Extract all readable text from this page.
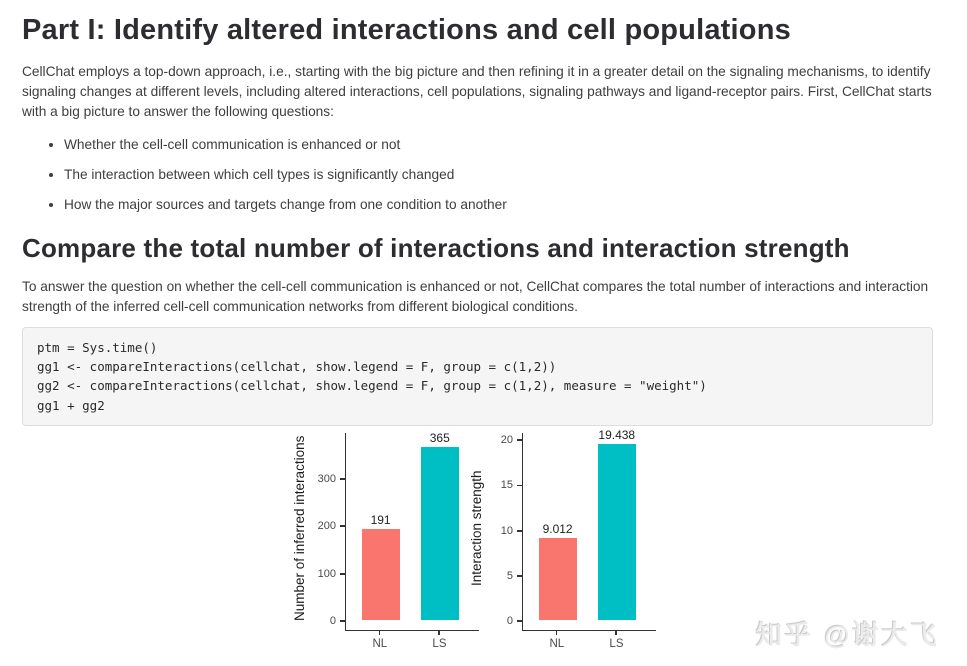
Part I: Identify altered interactions and cell populations

CellChat employs a top-down approach, i.e., starting with the big picture and then refining it in a greater detail on the signaling mechanisms, to identify signaling changes at different levels, including altered interactions, cell populations, signaling pathways and ligand-receptor pairs. First, CellChat starts with a big picture to answer the following questions:

• Whether the cell-cell communication is enhanced or not
• The interaction between which cell types is significantly changed
• How the major sources and targets change from one condition to another
Compare the total number of interactions and interaction strength

To answer the question on whether the cell-cell communication is enhanced or not, CellChat compares the total number of interactions and interaction strength of the inferred cell-cell communication networks from different biological conditions.

ptm = Sys.time()
gg1 <- compareInteractions(cellchat, show.legend = F, group = c(1,2))
gg2 <- compareInteractions(cellchat, show.legend = F, group = c(1,2), measure = "weight")
gg1 + gg2
Number of inferred interactions
0
100
200
300
191
365
NL	LS
Interaction strength
0
5
10
15
20
9.012
19.438
NL	LS	知乎 @谢大飞
